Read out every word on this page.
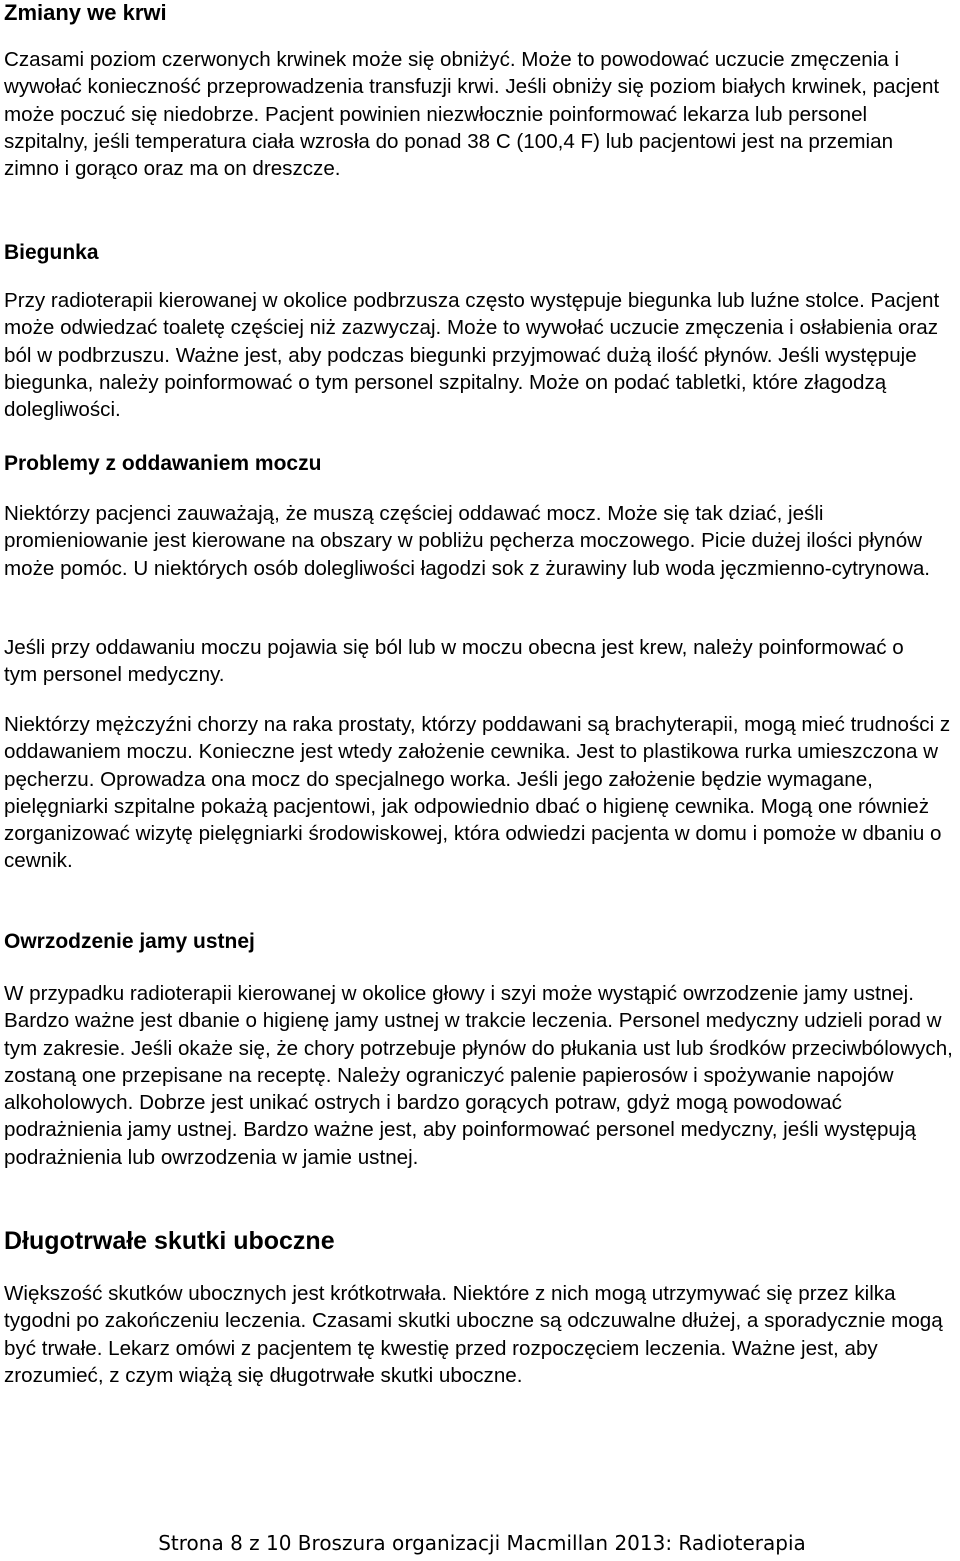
Zmiany we krwi

Czasami poziom czerwonych krwinek może się obniżyć. Może to powodować uczucie zmęczenia i wywołać konieczność przeprowadzenia transfuzji krwi. Jeśli obniży się poziom białych krwinek, pacjent może poczuć się niedobrze. Pacjent powinien niezwłocznie poinformować lekarza lub personel szpitalny, jeśli temperatura ciała wzrosła do ponad 38 C (100,4 F) lub pacjentowi jest na przemian zimno i gorąco oraz ma on dreszcze.

Biegunka

Przy radioterapii kierowanej w okolice podbrzusza często występuje biegunka lub luźne stolce. Pacjent może odwiedzać toaletę częściej niż zazwyczaj. Może to wywołać uczucie zmęczenia i osłabienia oraz ból w podbrzuszu. Ważne jest, aby podczas biegunki przyjmować dużą ilość płynów. Jeśli występuje biegunka, należy poinformować o tym personel szpitalny. Może on podać tabletki, które złagodzą dolegliwości.

Problemy z oddawaniem moczu

Niektórzy pacjenci zauważają, że muszą częściej oddawać mocz. Może się tak dziać, jeśli promieniowanie jest kierowane na obszary w pobliżu pęcherza moczowego. Picie dużej ilości płynów może pomóc. U niektórych osób dolegliwości łagodzi sok z żurawiny lub woda jęczmienno-cytrynowa.

Jeśli przy oddawaniu moczu pojawia się ból lub w moczu obecna jest krew, należy poinformować o tym personel medyczny.

Niektórzy mężczyźni chorzy na raka prostaty, którzy poddawani są brachyterapii, mogą mieć trudności z oddawaniem moczu. Konieczne jest wtedy założenie cewnika. Jest to plastikowa rurka umieszczona w pęcherzu. Oprowadza ona mocz do specjalnego worka. Jeśli jego założenie będzie wymagane, pielęgniarki szpitalne pokażą pacjentowi, jak odpowiednio dbać o higienę cewnika. Mogą one również zorganizować wizytę pielęgniarki środowiskowej, która odwiedzi pacjenta w domu i pomoże w dbaniu o cewnik.

Owrzodzenie jamy ustnej

W przypadku radioterapii kierowanej w okolice głowy i szyi może wystąpić owrzodzenie jamy ustnej. Bardzo ważne jest dbanie o higienę jamy ustnej w trakcie leczenia. Personel medyczny udzieli porad w tym zakresie. Jeśli okaże się, że chory potrzebuje płynów do płukania ust lub środków przeciwbólowych, zostaną one przepisane na receptę. Należy ograniczyć palenie papierosów i spożywanie napojów alkoholowych. Dobrze jest unikać ostrych i bardzo gorących potraw, gdyż mogą powodować podrażnienia jamy ustnej. Bardzo ważne jest, aby poinformować personel medyczny, jeśli występują podrażnienia lub owrzodzenia w jamie ustnej.

Długotrwałe skutki uboczne

Większość skutków ubocznych jest krótkotrwała. Niektóre z nich mogą utrzymywać się przez kilka tygodni po zakończeniu leczenia. Czasami skutki uboczne są odczuwalne dłużej, a sporadycznie mogą być trwałe. Lekarz omówi z pacjentem tę kwestię przed rozpoczęciem leczenia. Ważne jest, aby zrozumieć, z czym wiążą się długotrwałe skutki uboczne.

Strona 8 z 10 Broszura organizacji Macmillan 2013: Radioterapia
